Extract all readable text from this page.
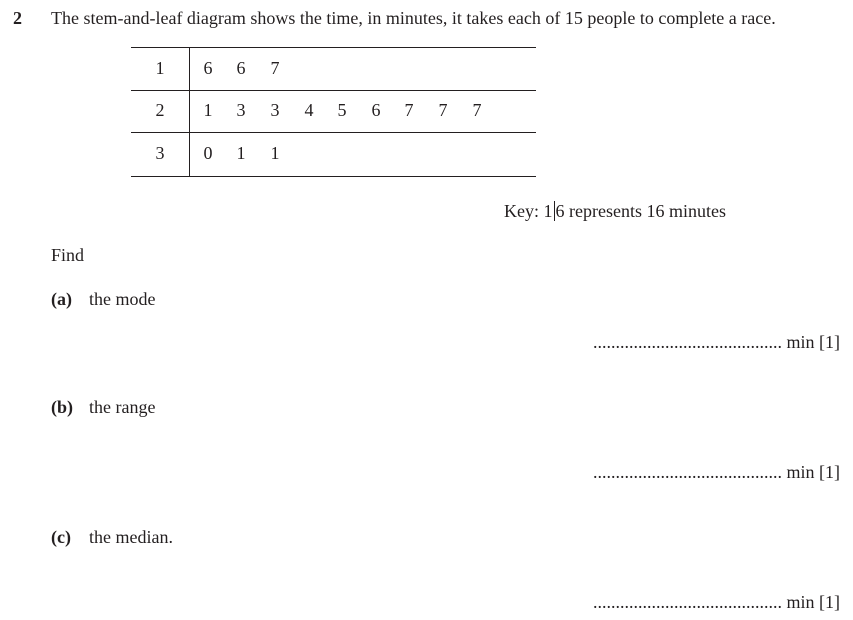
2 The stem-and-leaf diagram shows the time, in minutes, it takes each of 15 people to complete a race.
1	6 6 7
2	1 3 3 4 5 6 7 7 7
3	0 1 1
Key: 1 6 represents 16 minutes
Find
(a) the mode
.......................................... min [1]
(b) the range
.......................................... min [1]
(c) the median.
.......................................... min [1]
